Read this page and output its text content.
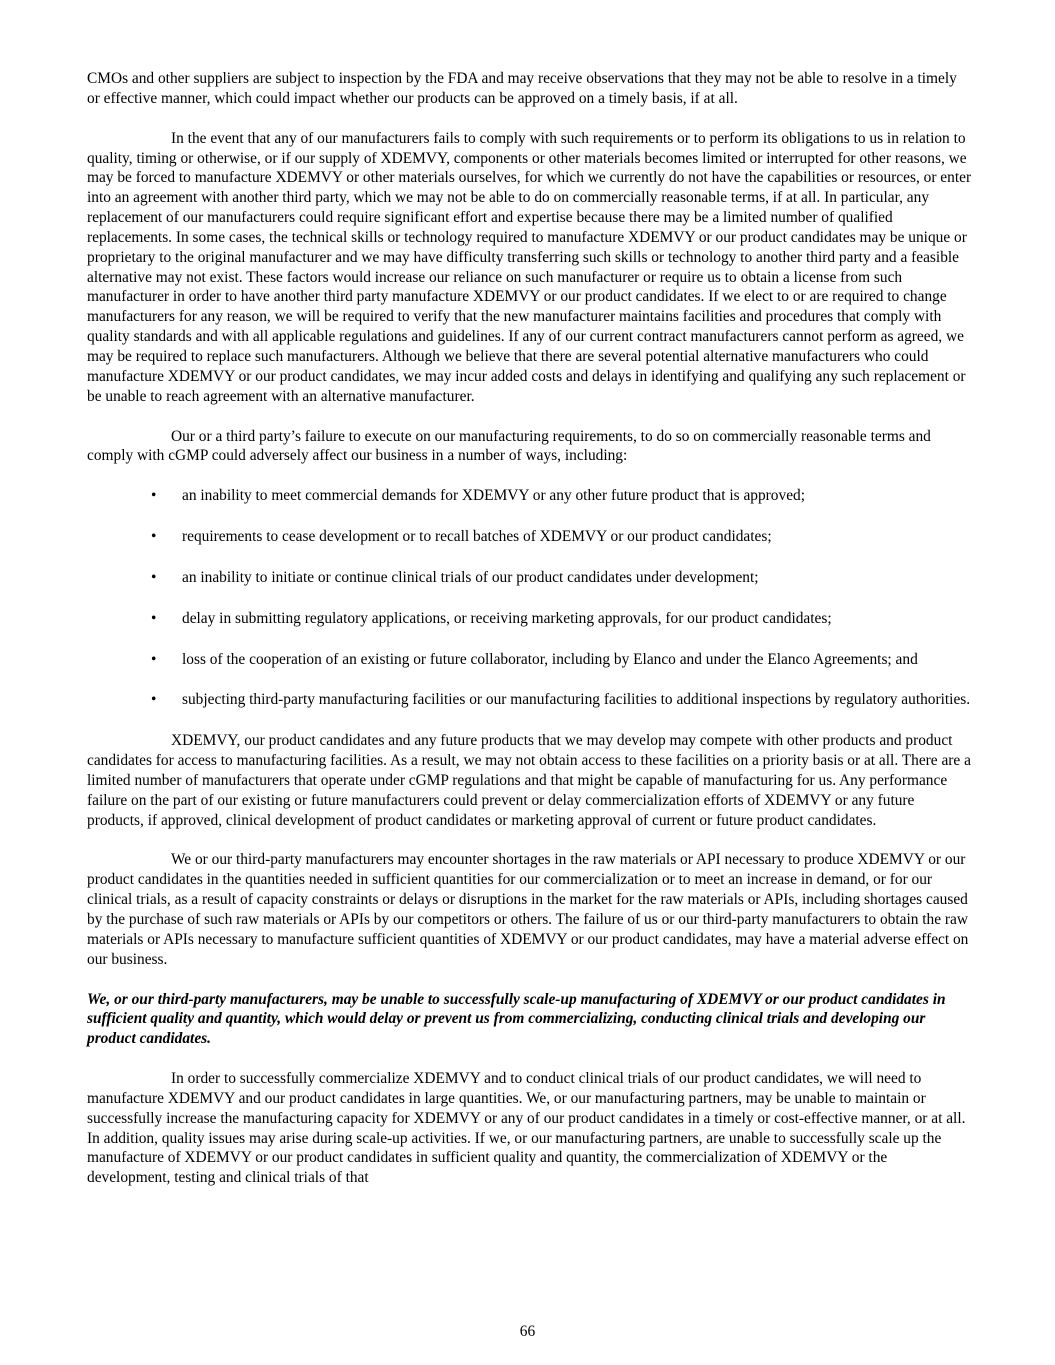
CMOs and other suppliers are subject to inspection by the FDA and may receive observations that they may not be able to resolve in a timely or effective manner, which could impact whether our products can be approved on a timely basis, if at all.

In the event that any of our manufacturers fails to comply with such requirements or to perform its obligations to us in relation to quality, timing or otherwise, or if our supply of XDEMVY, components or other materials becomes limited or interrupted for other reasons, we may be forced to manufacture XDEMVY or other materials ourselves, for which we currently do not have the capabilities or resources, or enter into an agreement with another third party, which we may not be able to do on commercially reasonable terms, if at all. In particular, any replacement of our manufacturers could require significant effort and expertise because there may be a limited number of qualified replacements. In some cases, the technical skills or technology required to manufacture XDEMVY or our product candidates may be unique or proprietary to the original manufacturer and we may have difficulty transferring such skills or technology to another third party and a feasible alternative may not exist. These factors would increase our reliance on such manufacturer or require us to obtain a license from such manufacturer in order to have another third party manufacture XDEMVY or our product candidates. If we elect to or are required to change manufacturers for any reason, we will be required to verify that the new manufacturer maintains facilities and procedures that comply with quality standards and with all applicable regulations and guidelines. If any of our current contract manufacturers cannot perform as agreed, we may be required to replace such manufacturers. Although we believe that there are several potential alternative manufacturers who could manufacture XDEMVY or our product candidates, we may incur added costs and delays in identifying and qualifying any such replacement or be unable to reach agreement with an alternative manufacturer.

Our or a third party’s failure to execute on our manufacturing requirements, to do so on commercially reasonable terms and comply with cGMP could adversely affect our business in a number of ways, including:

• an inability to meet commercial demands for XDEMVY or any other future product that is approved;
• requirements to cease development or to recall batches of XDEMVY or our product candidates;
• an inability to initiate or continue clinical trials of our product candidates under development;
• delay in submitting regulatory applications, or receiving marketing approvals, for our product candidates;
• loss of the cooperation of an existing or future collaborator, including by Elanco and under the Elanco Agreements; and
• subjecting third-party manufacturing facilities or our manufacturing facilities to additional inspections by regulatory authorities.

XDEMVY, our product candidates and any future products that we may develop may compete with other products and product candidates for access to manufacturing facilities. As a result, we may not obtain access to these facilities on a priority basis or at all. There are a limited number of manufacturers that operate under cGMP regulations and that might be capable of manufacturing for us. Any performance failure on the part of our existing or future manufacturers could prevent or delay commercialization efforts of XDEMVY or any future products, if approved, clinical development of product candidates or marketing approval of current or future product candidates.

We or our third-party manufacturers may encounter shortages in the raw materials or API necessary to produce XDEMVY or our product candidates in the quantities needed in sufficient quantities for our commercialization or to meet an increase in demand, or for our clinical trials, as a result of capacity constraints or delays or disruptions in the market for the raw materials or APIs, including shortages caused by the purchase of such raw materials or APIs by our competitors or others. The failure of us or our third-party manufacturers to obtain the raw materials or APIs necessary to manufacture sufficient quantities of XDEMVY or our product candidates, may have a material adverse effect on our business.

We, or our third-party manufacturers, may be unable to successfully scale-up manufacturing of XDEMVY or our product candidates in sufficient quality and quantity, which would delay or prevent us from commercializing, conducting clinical trials and developing our product candidates.

In order to successfully commercialize XDEMVY and to conduct clinical trials of our product candidates, we will need to manufacture XDEMVY and our product candidates in large quantities. We, or our manufacturing partners, may be unable to maintain or successfully increase the manufacturing capacity for XDEMVY or any of our product candidates in a timely or cost-effective manner, or at all. In addition, quality issues may arise during scale-up activities. If we, or our manufacturing partners, are unable to successfully scale up the manufacture of XDEMVY or our product candidates in sufficient quality and quantity, the commercialization of XDEMVY or the development, testing and clinical trials of that

66
